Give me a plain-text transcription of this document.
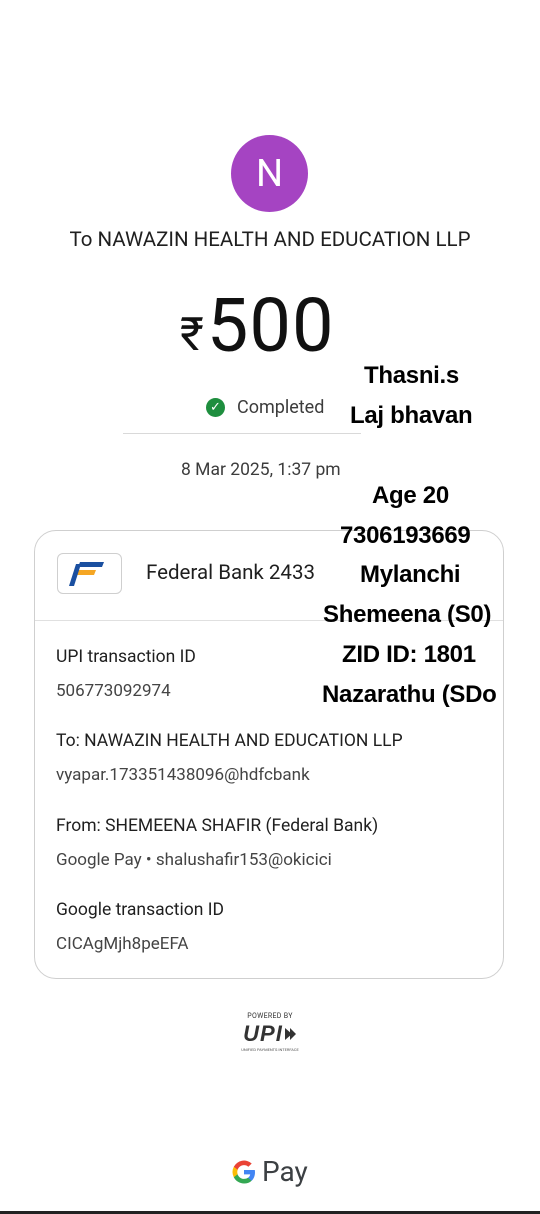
N
To NAWAZIN HEALTH AND EDUCATION LLP
₹500
✓ Completed
8 Mar 2025, 1:37 pm
Federal Bank 2433
UPI transaction ID
506773092974
To: NAWAZIN HEALTH AND EDUCATION LLP
vyapar.173351438096@hdfcbank
From: SHEMEENA SHAFIR (Federal Bank)
Google Pay • shalushafir153@okicici
Google transaction ID
CICAgMjh8peEFA
Thasni.s
Laj bhavan
Age 20
7306193669
Mylanchi
Shemeena (S0)
ZID ID: 1801
Nazarathu (SDo
POWERED BY
UPI
UNIFIED PAYMENTS INTERFACE
Pay
